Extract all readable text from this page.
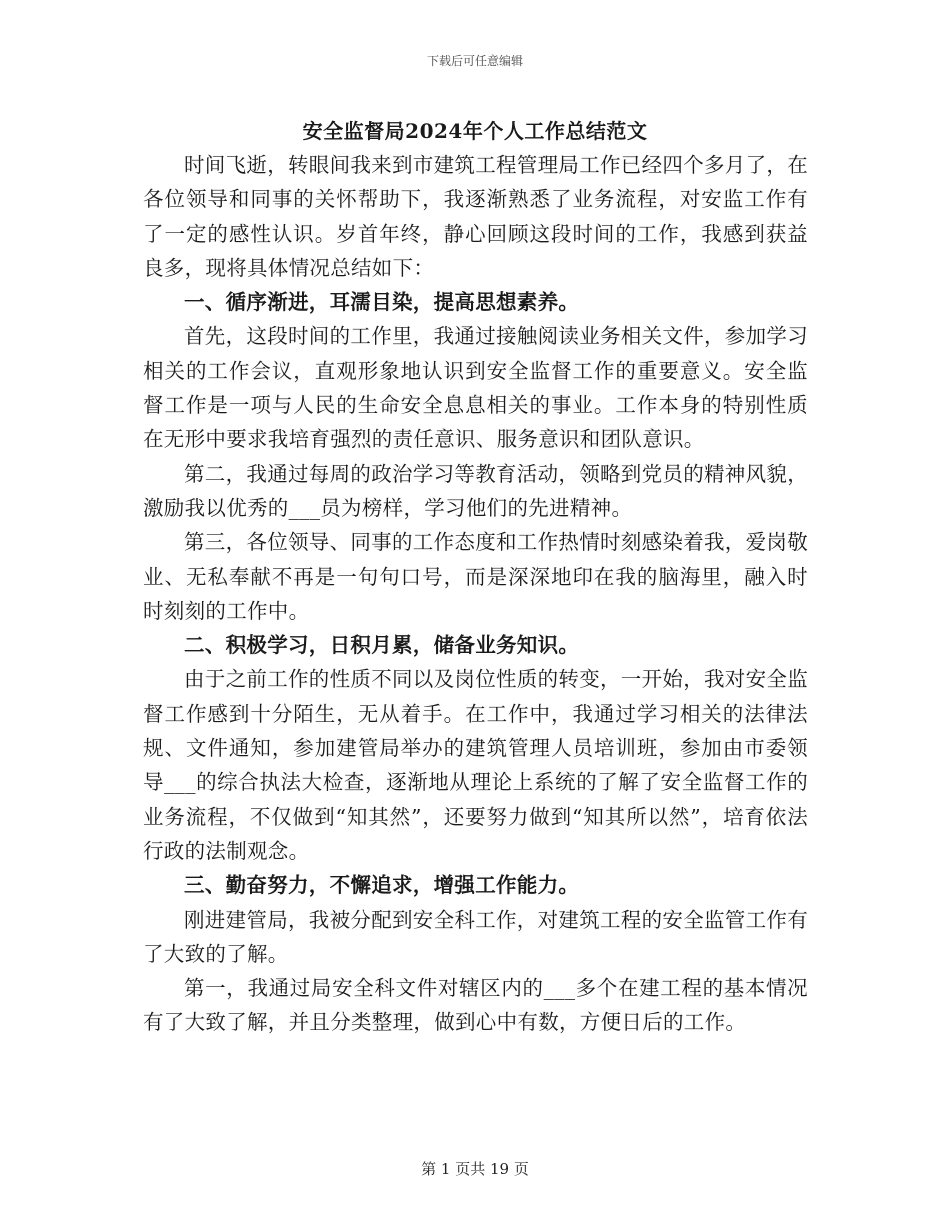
下载后可任意编辑
安全监督局2024年个人工作总结范文

时间飞逝，转眼间我来到市建筑工程管理局工作已经四个多月了，在各位领导和同事的关怀帮助下，我逐渐熟悉了业务流程，对安监工作有了一定的感性认识。岁首年终，静心回顾这段时间的工作，我感到获益良多，现将具体情况总结如下：

一、循序渐进，耳濡目染，提高思想素养。

首先，这段时间的工作里，我通过接触阅读业务相关文件，参加学习相关的工作会议，直观形象地认识到安全监督工作的重要意义。安全监督工作是一项与人民的生命安全息息相关的事业。工作本身的特别性质在无形中要求我培育强烈的责任意识、服务意识和团队意识。

第二，我通过每周的政治学习等教育活动，领略到党员的精神风貌，激励我以优秀的___员为榜样，学习他们的先进精神。

第三，各位领导、同事的工作态度和工作热情时刻感染着我，爱岗敬业、无私奉献不再是一句句口号，而是深深地印在我的脑海里，融入时时刻刻的工作中。

二、积极学习，日积月累，储备业务知识。

由于之前工作的性质不同以及岗位性质的转变，一开始，我对安全监督工作感到十分陌生，无从着手。在工作中，我通过学习相关的法律法规、文件通知，参加建管局举办的建筑管理人员培训班，参加由市委领导___的综合执法大检查，逐渐地从理论上系统的了解了安全监督工作的业务流程，不仅做到“知其然”，还要努力做到“知其所以然”，培育依法行政的法制观念。

三、勤奋努力，不懈追求，增强工作能力。

刚进建管局，我被分配到安全科工作，对建筑工程的安全监管工作有了大致的了解。

第一，我通过局安全科文件对辖区内的___多个在建工程的基本情况有了大致了解，并且分类整理，做到心中有数，方便日后的工作。

第 1 页共 19 页
